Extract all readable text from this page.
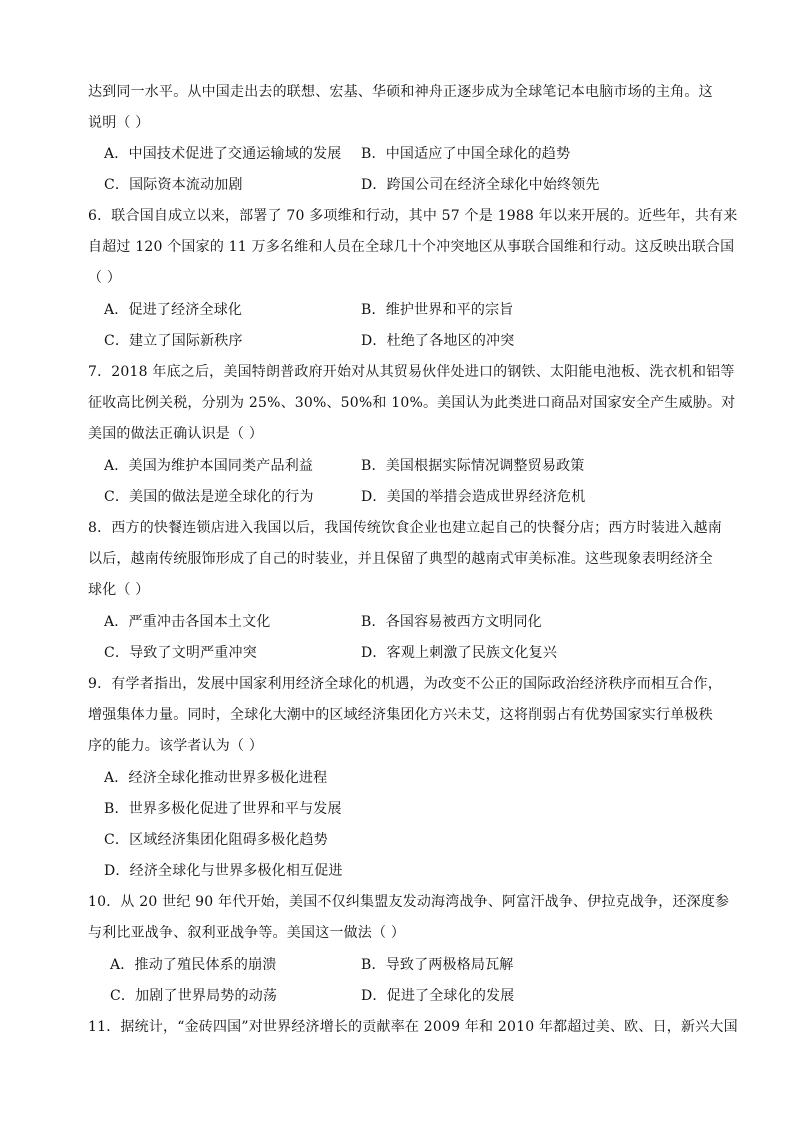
达到同一水平。从中国走出去的联想、宏基、华硕和神舟正逐步成为全球笔记本电脑市场的主角。这
说明（ ）
A．中国技术促进了交通运输域的发展 B．中国适应了中国全球化的趋势
C．国际资本流动加剧	D．跨国公司在经济全球化中始终领先
6．联合国自成立以来，部署了 70 多项维和行动，其中 57 个是 1988 年以来开展的。近些年，共有来
自超过 120 个国家的 11 万多名维和人员在全球几十个冲突地区从事联合国维和行动。这反映出联合国
（ ）
A．促进了经济全球化	B．维护世界和平的宗旨
C．建立了国际新秩序	D．杜绝了各地区的冲突
7．2018 年底之后，美国特朗普政府开始对从其贸易伙伴处进口的钢铁、太阳能电池板、洗衣机和铝等
征收高比例关税，分别为 25%、30%、50%和 10%。美国认为此类进口商品对国家安全产生威胁。对
美国的做法正确认识是（ ）
A．美国为维护本国同类产品利益	B．美国根据实际情况调整贸易政策
C．美国的做法是逆全球化的行为	D．美国的举措会造成世界经济危机
8．西方的快餐连锁店进入我国以后，我国传统饮食企业也建立起自己的快餐分店；西方时装进入越南
以后，越南传统服饰形成了自己的时装业，并且保留了典型的越南式审美标准。这些现象表明经济全
球化（ ）
A．严重冲击各国本土文化	B．各国容易被西方文明同化
C．导致了文明严重冲突	D．客观上刺激了民族文化复兴
9．有学者指出，发展中国家利用经济全球化的机遇，为改变不公正的国际政治经济秩序而相互合作，
增强集体力量。同时，全球化大潮中的区域经济集团化方兴未艾，这将削弱占有优势国家实行单极秩
序的能力。该学者认为（ ）
A．经济全球化推动世界多极化进程
B．世界多极化促进了世界和平与发展
C．区域经济集团化阻碍多极化趋势
D．经济全球化与世界多极化相互促进
10．从 20 世纪 90 年代开始，美国不仅纠集盟友发动海湾战争、阿富汗战争、伊拉克战争，还深度参
与利比亚战争、叙利亚战争等。美国这一做法（ ）
A．推动了殖民体系的崩溃	B．导致了两极格局瓦解
C．加剧了世界局势的动荡	D．促进了全球化的发展
11．据统计，“金砖四国”对世界经济增长的贡献率在 2009 年和 2010 年都超过美、欧、日，新兴大国
